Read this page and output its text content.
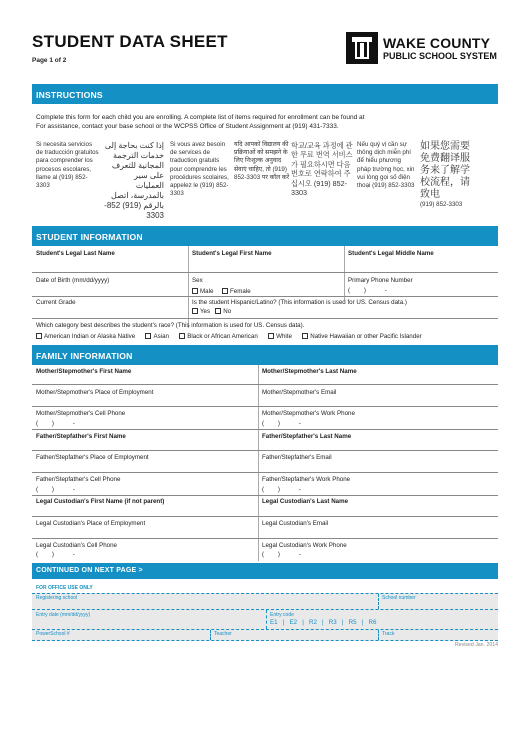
STUDENT DATA SHEET
Page 1 of 2
WAKE COUNTY
PUBLIC SCHOOL SYSTEM
INSTRUCTIONS
Complete this form for each child you are enrolling. A complete list of items required for enrollment can be found at
For assistance, contact your base school or the WCPSS Office of Student Assignment at (919) 431-7333.
Si necesita servicios de traducción gratuitos para comprender los procesos escolares, llame al (919) 852-3303
إذا كنت بحاجة إلى خدمات الترجمة المجانية للتعرف على سير العمليات بالمدرسة، اتصل بالرقم (919) 852-3303
Si vous avez besoin de services de traduction gratuits pour comprendre les procédures scolaires, appelez le (919) 852-3303
यदि आपको विद्यालय की प्रक्रियाओं को समझने के लिए निःशुल्क अनुवाद सेवाएं चाहिए, तो (919) 852-3303 पर कॉल करें
학교/교육 과정에 관한 무료 번역 서비스가 필요하시면 다음 번호로 연락하여 주십시오 (919) 852-3303
Nếu quý vị cần sự thông dịch miễn phí để hiểu phương pháp trường học, xin vui lòng gọi số điện thoại (919) 852-3303
如果您需要免费翻译服务来了解学校流程，请致电
(919) 852-3303
STUDENT INFORMATION
Student's Legal Last Name	Student's Legal First Name	Student's Legal Middle Name
Date of Birth (mm/dd/yyyy)	Sex
Male	Female
Primary Phone Number
(        )           -
Current Grade	Is the student Hispanic/Latino? (This information is used for US. Census data.)
Yes No
Which category best describes the student's race? (This information is used for US. Census data).
American Indian or Alaska Native	Asian	Black or African American	White	Native Hawaiian or other Pacific Islander
FAMILY INFORMATION
Mother/Stepmother's First Name	Mother/Stepmother's Last Name
Mother/Stepmother's Place of Employment	Mother/Stepmother's Email
Mother/Stepmother's Cell Phone	Mother/Stepmother's Work Phone
(        )           -	(        )           -
Father/Stepfather's First Name	Father/Stepfather's Last Name
Father/Stepfather's Place of Employment	Father/Stepfather's Email
Father/Stepfather's Cell Phone	Father/Stepfather's Work Phone
(        )           -	(        )           -
Legal Custodian's First Name (if not parent)	Legal Custodian's Last Name
Legal Custodian's Place of Employment	Legal Custodian's Email
Legal Custodian's Cell Phone	Legal Custodian's Work Phone
(        )           -	(        )           -
CONTINUED ON NEXT PAGE >
FOR OFFICE USE ONLY
Registering school	School number
Entry date (mm/dd/yyyy)	Entry code
E1   |   E2   |   R2   |   R3   |   R5   |   R6
PowerSchool #	Teacher	Track
Revised Jan. 2014
